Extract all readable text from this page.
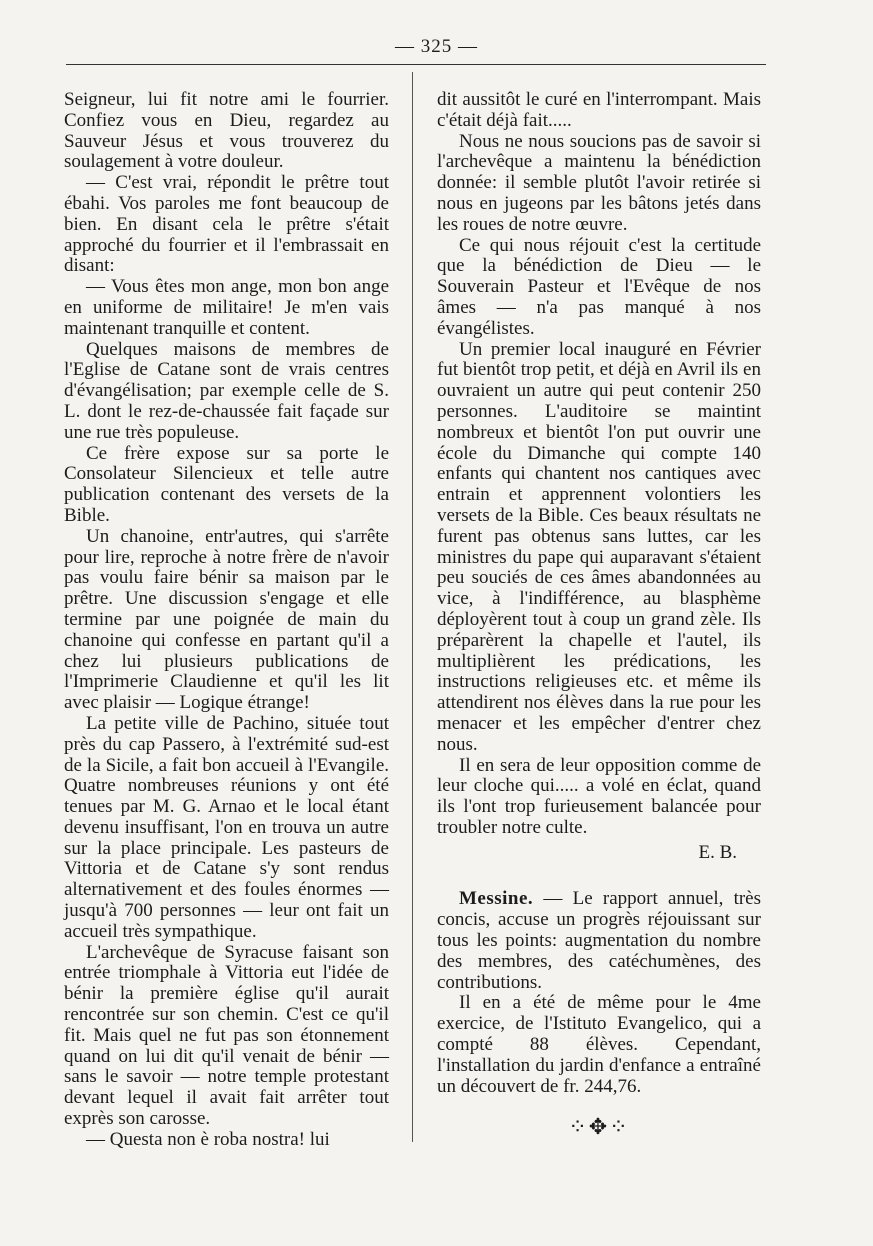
— 325 —

Seigneur, lui fit notre ami le fourrier. Confiez vous en Dieu, regardez au Sauveur Jésus et vous trouverez du soulagement à votre douleur.

— C'est vrai, répondit le prêtre tout ébahi. Vos paroles me font beaucoup de bien. En disant cela le prêtre s'était approché du fourrier et il l'embrassait en disant:

— Vous êtes mon ange, mon bon ange en uniforme de militaire! Je m'en vais maintenant tranquille et content.

Quelques maisons de membres de l'Eglise de Catane sont de vrais centres d'évangélisation; par exemple celle de S. L. dont le rez-de-chaussée fait façade sur une rue très populeuse.

Ce frère expose sur sa porte le Consolateur Silencieux et telle autre publication contenant des versets de la Bible.

Un chanoine, entr'autres, qui s'arrête pour lire, reproche à notre frère de n'avoir pas voulu faire bénir sa maison par le prêtre. Une discussion s'engage et elle termine par une poignée de main du chanoine qui confesse en partant qu'il a chez lui plusieurs publications de l'Imprimerie Claudienne et qu'il les lit avec plaisir — Logique étrange!

La petite ville de Pachino, située tout près du cap Passero, à l'extrémité sud-est de la Sicile, a fait bon accueil à l'Evangile. Quatre nombreuses réunions y ont été tenues par M. G. Arnao et le local étant devenu insuffisant, l'on en trouva un autre sur la place principale. Les pasteurs de Vittoria et de Catane s'y sont rendus alternativement et des foules énormes — jusqu'à 700 personnes — leur ont fait un accueil très sympathique.

L'archevêque de Syracuse faisant son entrée triomphale à Vittoria eut l'idée de bénir la première église qu'il aurait rencontrée sur son chemin. C'est ce qu'il fit. Mais quel ne fut pas son étonnement quand on lui dit qu'il venait de bénir — sans le savoir — notre temple protestant devant lequel il avait fait arrêter tout exprès son carosse.

— Questa non è roba nostra! lui

dit aussitôt le curé en l'interrompant. Mais c'était déjà fait.....

Nous ne nous soucions pas de savoir si l'archevêque a maintenu la bénédiction donnée: il semble plutôt l'avoir retirée si nous en jugeons par les bâtons jetés dans les roues de notre œuvre.

Ce qui nous réjouit c'est la certitude que la bénédiction de Dieu — le Souverain Pasteur et l'Evêque de nos âmes — n'a pas manqué à nos évangélistes.

Un premier local inauguré en Février fut bientôt trop petit, et déjà en Avril ils en ouvraient un autre qui peut contenir 250 personnes. L'auditoire se maintint nombreux et bientôt l'on put ouvrir une école du Dimanche qui compte 140 enfants qui chantent nos cantiques avec entrain et apprennent volontiers les versets de la Bible. Ces beaux résultats ne furent pas obtenus sans luttes, car les ministres du pape qui auparavant s'étaient peu souciés de ces âmes abandonnées au vice, à l'indifférence, au blasphème déployèrent tout à coup un grand zèle. Ils préparèrent la chapelle et l'autel, ils multiplièrent les prédications, les instructions religieuses etc. et même ils attendirent nos élèves dans la rue pour les menacer et les empêcher d'entrer chez nous.

Il en sera de leur opposition comme de leur cloche qui..... a volé en éclat, quand ils l'ont trop furieusement balancée pour troubler notre culte.

E. B.

Messine. — Le rapport annuel, très concis, accuse un progrès réjouissant sur tous les points: augmentation du nombre des membres, des catéchumènes, des contributions.

Il en a été de même pour le 4me exercice, de l'Istituto Evangelico, qui a compté 88 élèves. Cependant, l'installation du jardin d'enfance a entraîné un découvert de fr. 244,76.

⁘✥⁘
